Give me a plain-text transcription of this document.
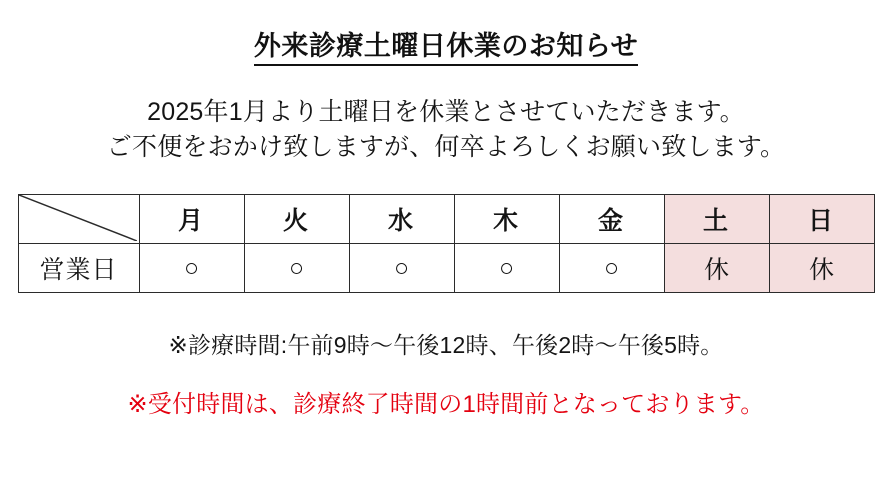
外来診療土曜日休業のお知らせ
2025年1月より土曜日を休業とさせていただきます。
ご不便をおかけ致しますが、何卒よろしくお願い致します。
	月	火	水	木	金	土	日
営業日	○	○	○	○	○	休	休
※診療時間:午前9時～午後12時、午後2時～午後5時。
※受付時間は、診療終了時間の1時間前となっております。
